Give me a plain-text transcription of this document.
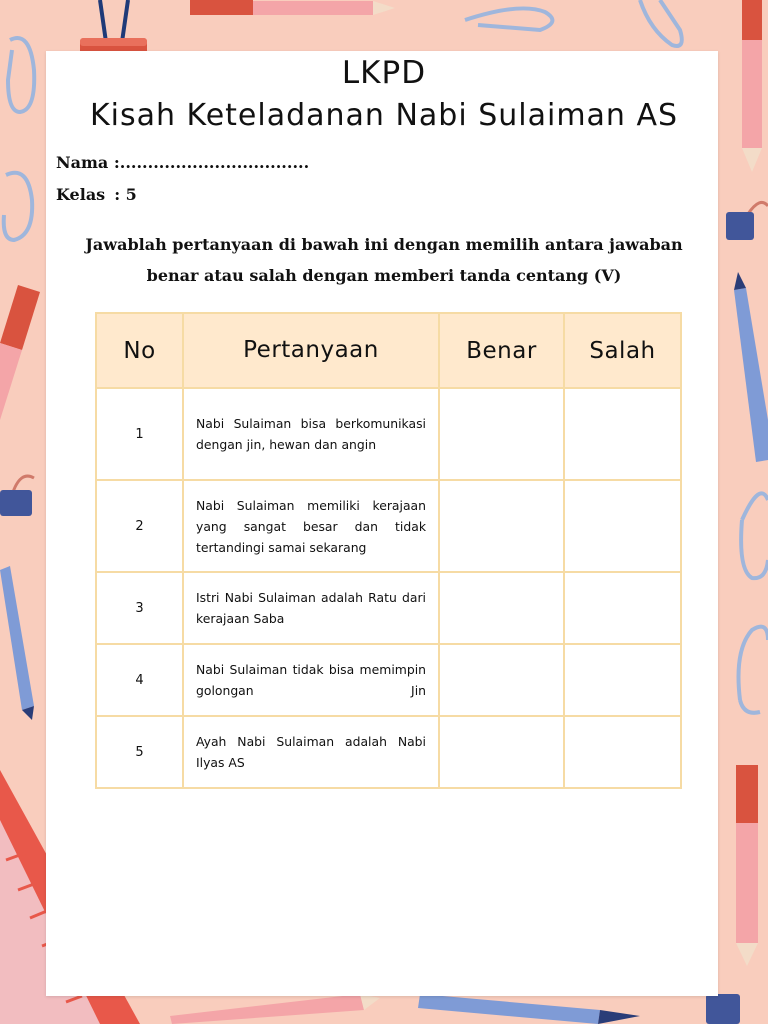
LKPD
Kisah Keteladanan Nabi Sulaiman AS
Nama :..................................
Kelas : 5
Jawablah pertanyaan di bawah ini dengan memilih antara jawaban benar atau salah dengan memberi tanda centang (V)
No	Pertanyaan	Benar	Salah
1	Nabi Sulaiman bisa berkomunikasi dengan jin, hewan dan angin		
2	Nabi Sulaiman memiliki kerajaan yang sangat besar dan tidak tertandingi samai sekarang		
3	Istri Nabi Sulaiman adalah Ratu dari kerajaan Saba		
4	Nabi Sulaiman tidak bisa memimpin golongan Jin		
5	Ayah Nabi Sulaiman adalah Nabi Ilyas AS		
